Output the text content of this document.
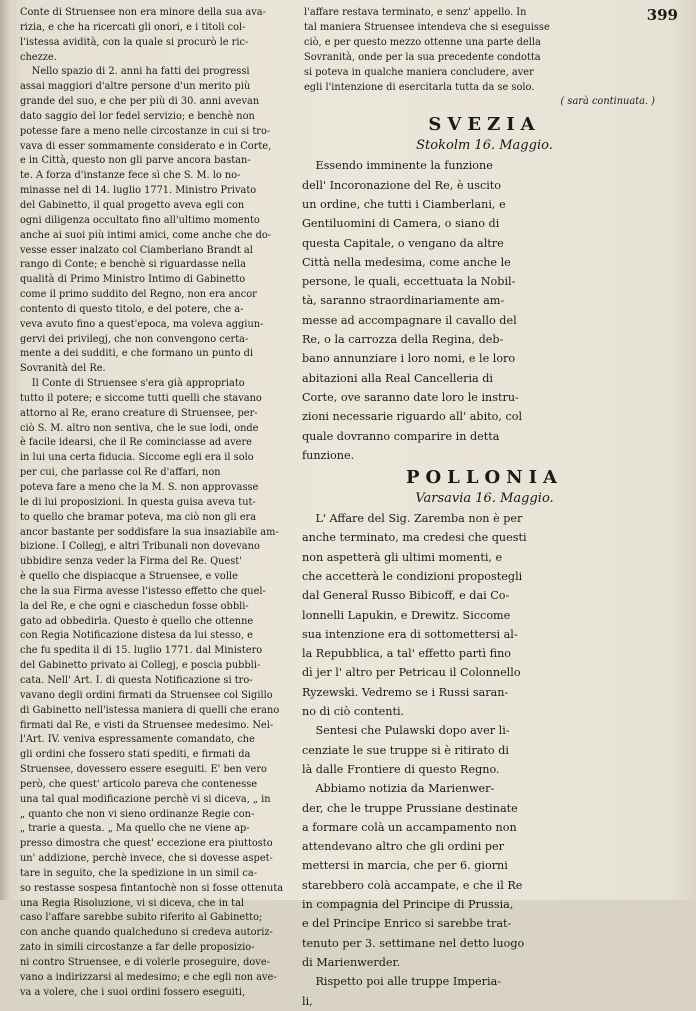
399
Conte di Struensee non era minore della sua ava-
rizia, e che ha ricercati gli onori, e i titoli col-
l'istessa avidità, con la quale si procurò le ric-
chezze.
Nello spazio di 2. anni ha fatti dei progressi
assai maggiori d'altre persone d'un merito più
grande del suo, e che per più di 30. anni avevan
dato saggio del lor fedel servizio; e benchè non
potesse fare a meno nelle circostanze in cui si tro-
vava di esser sommamente considerato e in Corte,
e in Città, questo non gli parve ancora bastan-
te. A forza d'instanze fece sì che S. M. lo no-
minasse nel di 14. luglio 1771. Ministro Privato
del Gabinetto, il qual progetto aveva egli con
ogni diligenza occultato fino all'ultimo momento
anche ai suoi più intimi amici, come anche che do-
vesse esser inalzato col Ciamberlano Brandt al
rango di Conte; e benchè si riguardasse nella
qualità di Primo Ministro Intimo di Gabinetto
come il primo suddito del Regno, non era ancor
contento di questo titolo, e del potere, che a-
veva avuto fino a quest'epoca, ma voleva aggiun-
gervi dei privilegj, che non convengono certa-
mente a dei sudditi, e che formano un punto di
Sovranità del Re.
Il Conte di Struensee s'era già appropriato
tutto il potere; e siccome tutti quelli che stavano
attorno al Re, erano creature di Struensee, per-
ciò S. M. altro non sentiva, che le sue lodi, onde
è facile idearsi, che il Re cominciasse ad avere
in lui una certa fiducia. Siccome egli era il solo
per cui, che parlasse col Re d'affari, non
poteva fare a meno che la M. S. non approvasse
le di lui proposizioni. In questa guisa aveva tut-
to quello che bramar poteva, ma ciò non gli era
ancor bastante per soddisfare la sua insaziabile am-
bizione. I Collegj, e altri Tribunali non dovevano
ubbidire senza veder la Firma del Re. Quest'
è quello che dispiacque a Struensee, e volle
che la sua Firma avesse l'istesso effetto che quel-
la del Re, e che ogni e ciaschedun fosse obbli-
gato ad obbedirla. Questo è quello che ottenne
con Regia Notificazione distesa da lui stesso, e
che fu spedita il di 15. luglio 1771. dal Ministero
del Gabinetto privato ai Collegj, e poscia pubbli-
cata. Nell' Art. I. di questa Notificazione si tro-
vavano degli ordini firmati da Struensee col Sigillo
di Gabinetto nell'istessa maniera di quelli che erano
firmati dal Re, e visti da Struensee medesimo. Nel-
l'Art. IV. veniva espressamente comandato, che
gli ordini che fossero stati spediti, e firmati da
Struensee, dovessero essere eseguiti. E' ben vero
però, che quest' articolo pareva che contenesse
una tal qual modificazione perchè vi si diceva, „ in
„ quanto che non vi sieno ordinanze Regie con-
„ trarie a questa. „ Ma quello che ne viene ap-
presso dimostra che quest' eccezione era piuttosto
un' addizione, perchè invece, che si dovesse aspet-
tare in seguito, che la spedizione in un simil ca-
so restasse sospesa fintantochè non si fosse ottenuta
una Regia Risoluzione, vi si diceva, che in tal
caso l'affare sarebbe subito riferito al Gabinetto;
con anche quando qualcheduno si credeva autoriz-
zato in simili circostanze a far delle proposizio-
ni contro Struensee, e di volerle proseguire, dove-
vano a indirizzarsi al medesimo; e che egli non ave-
va a volere, che i suoi ordini fossero eseguiti,
l'affare restava terminato, e senz' appello. In
tal maniera Struensee intendeva che si eseguisse
ciò, e per questo mezzo ottenne una parte della
Sovranità, onde per la sua precedente condotta
si poteva in qualche maniera concludere, aver
egli l'intenzione di esercitarla tutta da se solo.
( sarà continuata. )
SVEZIA
Stokolm 16. Maggio.
Essendo imminente la funzione
dell' Incoronazione del Re, è uscito
un ordine, che tutti i Ciamberlani, e
Gentiluomini di Camera, o siano di
questa Capitale, o vengano da altre
Città nella medesima, come anche le
persone, le quali, eccettuata la Nobil-
tà, saranno straordinariamente am-
messe ad accompagnare il cavallo del
Re, o la carrozza della Regina, deb-
bano annunziare i loro nomi, e le loro
abitazioni alla Real Cancelleria di
Corte, ove saranno date loro le instru-
zioni necessarie riguardo all' abito, col
quale dovranno comparire in detta
funzione.
POLLONIA
Varsavia 16. Maggio.
L' Affare del Sig. Zaremba non è per
anche terminato, ma credesi che questi
non aspetterà gli ultimi momenti, e
che accetterà le condizioni propostegli
dal General Russo Bibicoff, e dai Co-
lonnelli Lapukin, e Drewitz. Siccome
sua intenzione era di sottomettersi al-
la Repubblica, a tal' effetto partì fino
dì jer l' altro per Petricau il Colonnello
Ryzewski. Vedremo se i Russi saran-
no di ciò contenti.
Sentesi che Pulawski dopo aver li-
cenziate le sue truppe si è ritirato di
là dalle Frontiere di questo Regno.
Abbiamo notizia da Marienwer-
der, che le truppe Prussiane destinate
a formare colà un accampamento non
attendevano altro che gli ordini per
mettersi in marcia, che per 6. giorni
starebbero colà accampate, e che il Re
in compagnia del Principe di Prussia,
e del Principe Enrico si sarebbe trat-
tenuto per 3. settimane nel detto luogo
di Marienwerder.
Rispetto poi alle truppe Imperia-
li,
